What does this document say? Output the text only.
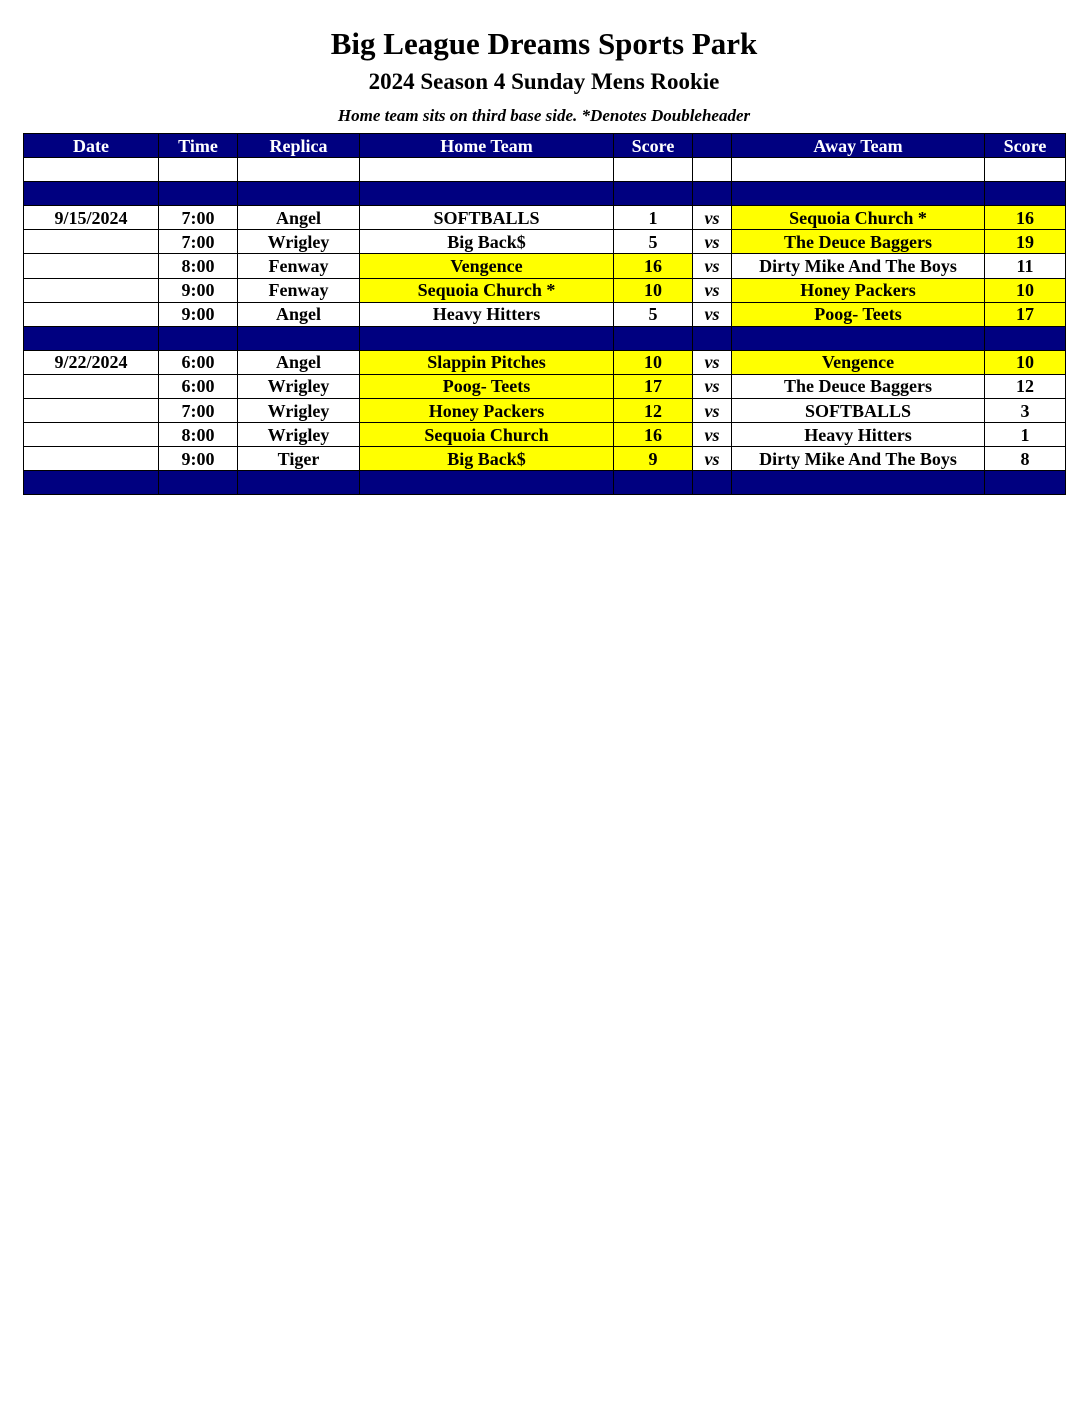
Big League Dreams Sports Park
2024 Season 4 Sunday Mens Rookie
Home team sits on third base side. *Denotes Doubleheader
Date	Time	Replica	Home Team	Score		Away Team	Score

9/15/2024	7:00	Angel	SOFTBALLS	1	vs	Sequoia Church *	16
	7:00	Wrigley	Big Back$	5	vs	The Deuce Baggers	19
	8:00	Fenway	Vengence	16	vs	Dirty Mike And The Boys	11
	9:00	Fenway	Sequoia Church *	10	vs	Honey Packers	10
	9:00	Angel	Heavy Hitters	5	vs	Poog- Teets	17

9/22/2024	6:00	Angel	Slappin Pitches	10	vs	Vengence	10
	6:00	Wrigley	Poog- Teets	17	vs	The Deuce Baggers	12
	7:00	Wrigley	Honey Packers	12	vs	SOFTBALLS	3
	8:00	Wrigley	Sequoia Church	16	vs	Heavy Hitters	1
	9:00	Tiger	Big Back$	9	vs	Dirty Mike And The Boys	8
